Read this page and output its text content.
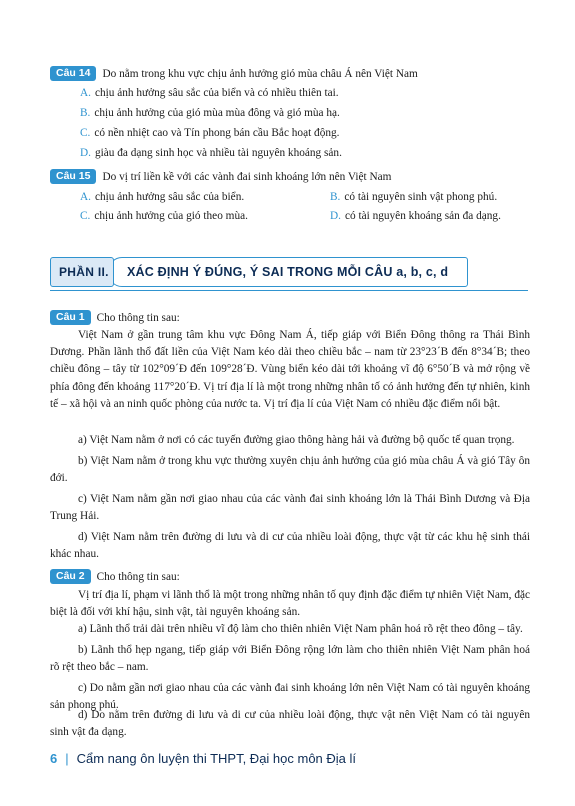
Câu 14 Do nằm trong khu vực chịu ảnh hưởng gió mùa châu Á nên Việt Nam
A. chịu ảnh hưởng sâu sắc của biển và có nhiều thiên tai.
B. chịu ảnh hưởng của gió mùa mùa đông và gió mùa hạ.
C. có nền nhiệt cao và Tín phong bán cầu Bắc hoạt động.
D. giàu đa dạng sinh học và nhiều tài nguyên khoáng sản.
Câu 15 Do vị trí liền kề với các vành đai sinh khoáng lớn nên Việt Nam
A. chịu ảnh hưởng sâu sắc của biển.	B. có tài nguyên sinh vật phong phú.
C. chịu ảnh hưởng của gió theo mùa.	D. có tài nguyên khoáng sản đa dạng.
XÁC ĐỊNH Ý ĐÚNG, Ý SAI TRONG MỖI CÂU a, b, c, d
PHẦN II.
Câu 1 Cho thông tin sau:
Việt Nam ở gần trung tâm khu vực Đông Nam Á, tiếp giáp với Biển Đông thông ra Thái Bình Dương. Phần lãnh thổ đất liền của Việt Nam kéo dài theo chiều bắc – nam từ 23°23´B đến 8°34´B; theo chiều đông – tây từ 102°09´Đ đến 109°28´Đ. Vùng biển kéo dài tới khoảng vĩ độ 6°50´B và mở rộng về phía đông đến khoảng 117°20´Đ. Vị trí địa lí là một trong những nhân tố có ảnh hưởng đến tự nhiên, kinh tế – xã hội và an ninh quốc phòng của nước ta. Vị trí địa lí của Việt Nam có nhiều đặc điểm nổi bật.
a) Việt Nam nằm ở nơi có các tuyến đường giao thông hàng hải và đường bộ quốc tế quan trọng.
b) Việt Nam nằm ở trong khu vực thường xuyên chịu ảnh hưởng của gió mùa châu Á và gió Tây ôn đới.
c) Việt Nam nằm gần nơi giao nhau của các vành đai sinh khoáng lớn là Thái Bình Dương và Địa Trung Hải.
d) Việt Nam nằm trên đường di lưu và di cư của nhiều loài động, thực vật từ các khu hệ sinh thái khác nhau.
Câu 2 Cho thông tin sau:
Vị trí địa lí, phạm vi lãnh thổ là một trong những nhân tố quy định đặc điểm tự nhiên Việt Nam, đặc biệt là đối với khí hậu, sinh vật, tài nguyên khoáng sản.
a) Lãnh thổ trải dài trên nhiều vĩ độ làm cho thiên nhiên Việt Nam phân hoá rõ rệt theo đông – tây.
b) Lãnh thổ hẹp ngang, tiếp giáp với Biển Đông rộng lớn làm cho thiên nhiên Việt Nam phân hoá rõ rệt theo bắc – nam.
c) Do nằm gần nơi giao nhau của các vành đai sinh khoáng lớn nên Việt Nam có tài nguyên khoáng sản phong phú.
d) Do nằm trên đường di lưu và di cư của nhiều loài động, thực vật nên Việt Nam có tài nguyên sinh vật đa dạng.
6 | Cẩm nang ôn luyện thi THPT, Đại học môn Địa lí
